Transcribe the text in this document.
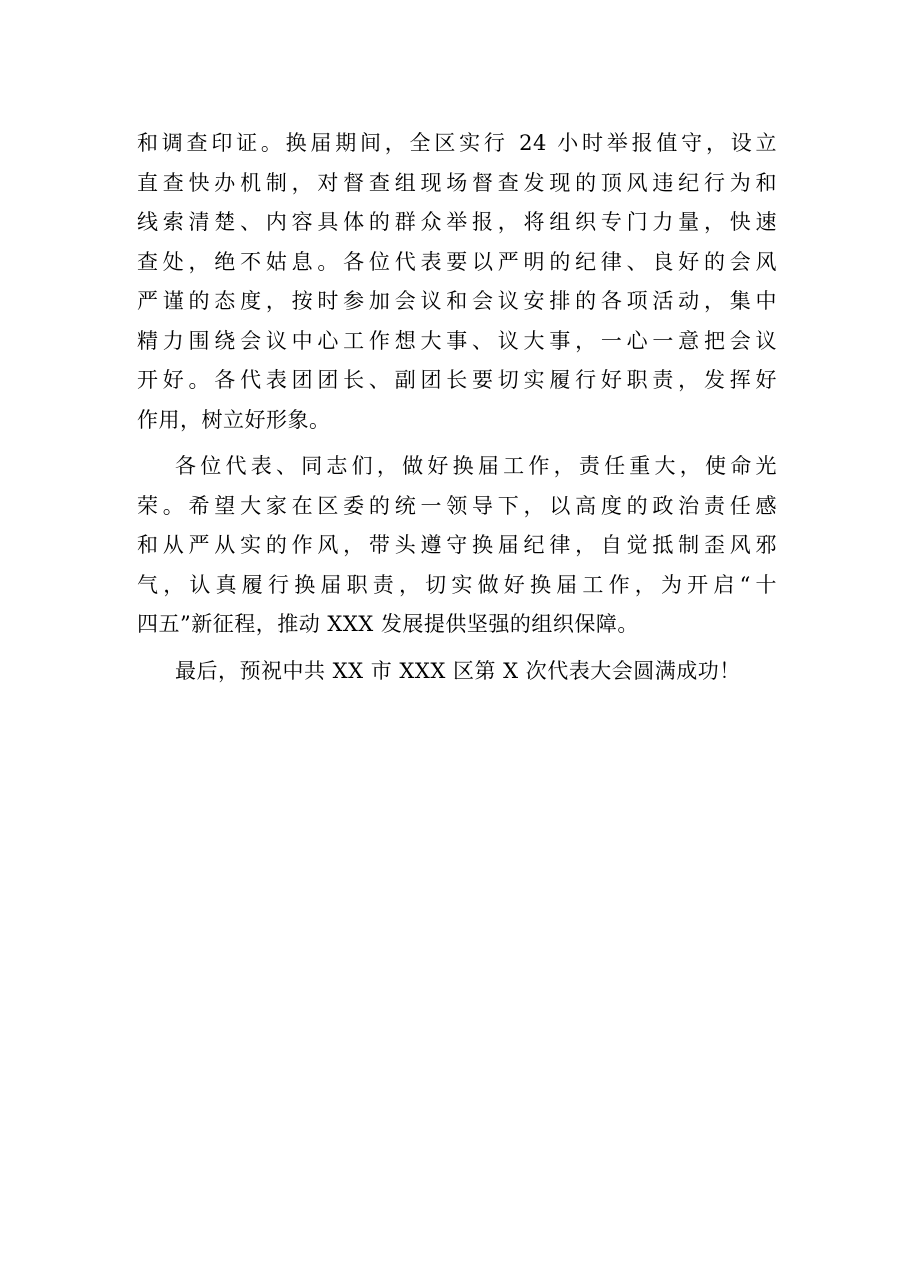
和调查印证。换届期间，全区实行 24 小时举报值守，设立
直查快办机制，对督查组现场督查发现的顶风违纪行为和
线索清楚、内容具体的群众举报，将组织专门力量，快速
查处，绝不姑息。各位代表要以严明的纪律、良好的会风
严谨的态度，按时参加会议和会议安排的各项活动，集中
精力围绕会议中心工作想大事、议大事，一心一意把会议
开好。各代表团团长、副团长要切实履行好职责，发挥好
作用，树立好形象。
各位代表、同志们，做好换届工作，责任重大，使命光
荣。希望大家在区委的统一领导下，以高度的政治责任感
和从严从实的作风，带头遵守换届纪律，自觉抵制歪风邪
气，认真履行换届职责，切实做好换届工作，为开启“十
四五”新征程，推动 XXX 发展提供坚强的组织保障。
最后，预祝中共 XX 市 XXX 区第 X 次代表大会圆满成功！
